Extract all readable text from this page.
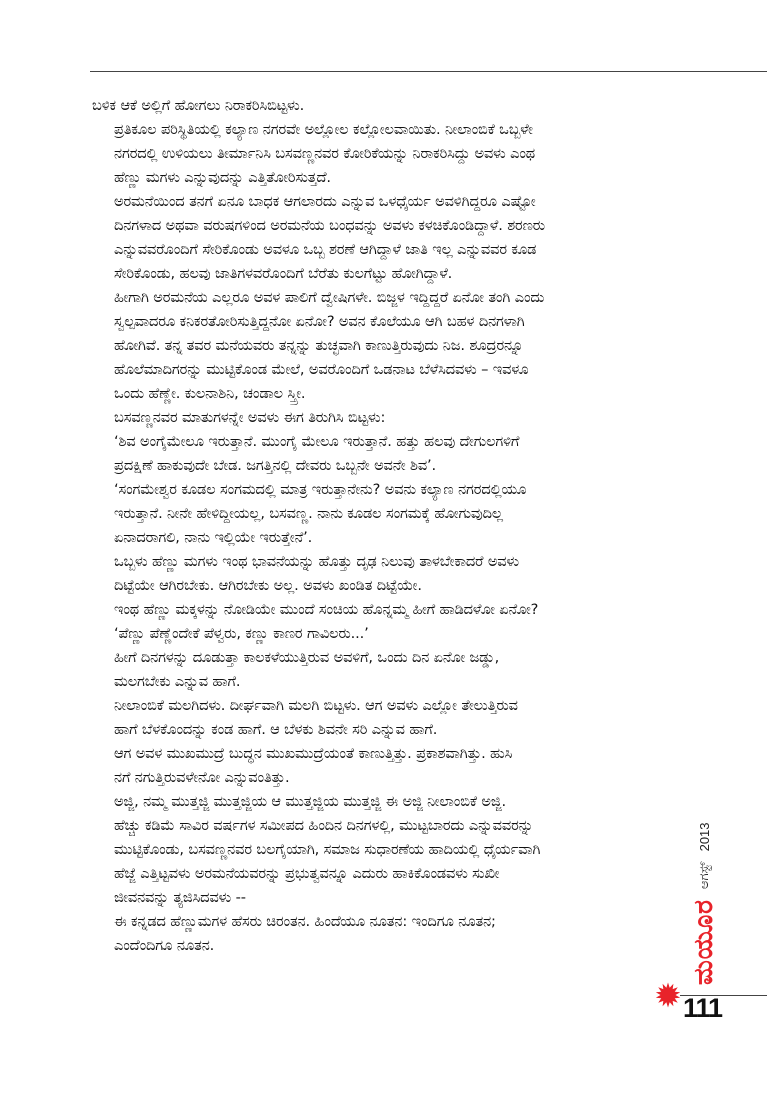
ಬಳಿಕ ಆಕೆ ಅಲ್ಲಿಗೆ ಹೋಗಲು ನಿರಾಕರಿಸಿಬಿಟ್ಟಳು.

ಪ್ರತಿಕೂಲ ಪರಿಸ್ಥಿತಿಯಲ್ಲಿ ಕಲ್ಯಾಣ ನಗರವೇ ಅಲ್ಲೋಲ ಕಲ್ಲೋಲವಾಯಿತು. ನೀಲಾಂಬಿಕೆ ಒಬ್ಬಳೇ
ನಗರದಲ್ಲಿ ಉಳಿಯಲು ತೀರ್ಮಾನಿಸಿ ಬಸವಣ್ಣನವರ ಕೋರಿಕೆಯನ್ನು ನಿರಾಕರಿಸಿದ್ದು ಅವಳು ಎಂಥ
ಹೆಣ್ಣು ಮಗಳು ಎನ್ನುವುದನ್ನು ಎತ್ತಿತೋರಿಸುತ್ತದೆ.

ಅರಮನೆಯಿಂದ ತನಗೆ ಏನೂ ಬಾಧಕ ಆಗಲಾರದು ಎನ್ನುವ ಒಳಧೈರ್ಯ ಅವಳಿಗಿದ್ದರೂ ಎಷ್ಟೋ
ದಿನಗಳಾದ ಅಥವಾ ವರುಷಗಳಿಂದ ಅರಮನೆಯ ಬಂಧವನ್ನು ಅವಳು ಕಳಚಿಕೊಂಡಿದ್ದಾಳೆ. ಶರಣರು
ಎನ್ನುವವರೊಂದಿಗೆ ಸೇರಿಕೊಂಡು ಅವಳೂ ಒಬ್ಬ ಶರಣೆ ಆಗಿದ್ದಾಳೆ ಜಾತಿ ಇಲ್ಲ ಎನ್ನುವವರ ಕೂಡ
ಸೇರಿಕೊಂಡು, ಹಲವು ಜಾತಿಗಳವರೊಂದಿಗೆ ಬೆರೆತು ಕುಲಗೆಟ್ಟು ಹೋಗಿದ್ದಾಳೆ.

ಹೀಗಾಗಿ ಅರಮನೆಯ ಎಲ್ಲರೂ ಅವಳ ಪಾಲಿಗೆ ದ್ವೇಷಿಗಳೇ. ಬಿಜ್ಜಳ ಇದ್ದಿದ್ದರೆ ಏನೋ ತಂಗಿ ಎಂದು
ಸ್ವಲ್ಪವಾದರೂ ಕನಿಕರತೋರಿಸುತ್ತಿದ್ದನೋ ಏನೋ? ಅವನ ಕೊಲೆಯೂ ಆಗಿ ಬಹಳ ದಿನಗಳಾಗಿ
ಹೋಗಿವೆ. ತನ್ನ ತವರ ಮನೆಯವರು ತನ್ನನ್ನು ತುಚ್ಛವಾಗಿ ಕಾಣುತ್ತಿರುವುದು ನಿಜ. ಶೂದ್ರರನ್ನೂ
ಹೊಲೆಮಾದಿಗರನ್ನು ಮುಟ್ಟಿಕೊಂಡ ಮೇಲೆ, ಅವರೊಂದಿಗೆ ಒಡನಾಟ ಬೆಳೆಸಿದವಳು – ಇವಳೂ
ಒಂದು ಹೆಣ್ಣೇ. ಕುಲನಾಶಿನಿ, ಚಂಡಾಲ ಸ್ತ್ರೀ.

ಬಸವಣ್ಣನವರ ಮಾತುಗಳನ್ನೇ ಅವಳು ಈಗ ತಿರುಗಿಸಿ ಬಿಟ್ಟಳು:

‘ಶಿವ ಅಂಗೈಮೇಲೂ ಇರುತ್ತಾನೆ. ಮುಂಗೈ ಮೇಲೂ ಇರುತ್ತಾನೆ. ಹತ್ತು ಹಲವು ದೇಗುಲಗಳಿಗೆ
ಪ್ರದಕ್ಷಿಣೆ ಹಾಕುವುದೇ ಬೇಡ. ಜಗತ್ತಿನಲ್ಲಿ ದೇವರು ಒಬ್ಬನೇ ಅವನೇ ಶಿವ’.

‘ಸಂಗಮೇಶ್ವರ ಕೂಡಲ ಸಂಗಮದಲ್ಲಿ ಮಾತ್ರ ಇರುತ್ತಾನೇನು? ಅವನು ಕಲ್ಯಾಣ ನಗರದಲ್ಲಿಯೂ
ಇರುತ್ತಾನೆ. ನೀನೇ ಹೇಳಿದ್ದೀಯಲ್ಲ, ಬಸವಣ್ಣ. ನಾನು ಕೂಡಲ ಸಂಗಮಕ್ಕೆ ಹೋಗುವುದಿಲ್ಲ
ಏನಾದರಾಗಲಿ, ನಾನು ಇಲ್ಲಿಯೇ ಇರುತ್ತೇನೆ’.

ಒಬ್ಬಳು ಹೆಣ್ಣು ಮಗಳು ಇಂಥ ಭಾವನೆಯನ್ನು ಹೊತ್ತು ದೃಢ ನಿಲುವು ತಾಳಬೇಕಾದರೆ ಅವಳು
ದಿಟ್ಟೆಯೇ ಆಗಿರಬೇಕು. ಆಗಿರಬೇಕು ಅಲ್ಲ. ಅವಳು ಖಂಡಿತ ದಿಟ್ಟೆಯೇ.

ಇಂಥ ಹೆಣ್ಣು ಮಕ್ಕಳನ್ನು ನೋಡಿಯೇ ಮುಂದೆ ಸಂಚಿಯ ಹೊನ್ನಮ್ಮ ಹೀಗೆ ಹಾಡಿದಳೋ ಏನೋ?

‘ಪೆಣ್ಣು ಪೆಣ್ಣೆಂದೇಕೆ ಪೆಳ್ವರು, ಕಣ್ಣು ಕಾಣರ ಗಾವಿಲರು...’

ಹೀಗೆ ದಿನಗಳನ್ನು ದೂಡುತ್ತಾ ಕಾಲಕಳೆಯುತ್ತಿರುವ ಅವಳಿಗೆ, ಒಂದು ದಿನ ಏನೋ ಜಡ್ಡು,
ಮಲಗಬೇಕು ಎನ್ನುವ ಹಾಗೆ.

ನೀಲಾಂಬಿಕೆ ಮಲಗಿದಳು. ದೀರ್ಘವಾಗಿ ಮಲಗಿ ಬಿಟ್ಟಳು. ಆಗ ಅವಳು ಎಲ್ಲೋ ತೇಲುತ್ತಿರುವ
ಹಾಗೆ ಬೆಳಕೊಂದನ್ನು ಕಂಡ ಹಾಗೆ. ಆ ಬೆಳಕು ಶಿವನೇ ಸರಿ ಎನ್ನುವ ಹಾಗೆ.

ಆಗ ಅವಳ ಮುಖಮುದ್ರೆ ಬುದ್ಧನ ಮುಖಮುದ್ರೆಯಂತೆ ಕಾಣುತ್ತಿತ್ತು. ಪ್ರಕಾಶವಾಗಿತ್ತು. ಹುಸಿ
ನಗೆ ನಗುತ್ತಿರುವಳೇನೋ ಎನ್ನುವಂತಿತ್ತು.

ಅಜ್ಜಿ, ನಮ್ಮ ಮುತ್ತಜ್ಜಿ ಮುತ್ತಜ್ಜಿಯ ಆ ಮುತ್ತಜ್ಜಿಯ ಮುತ್ತಜ್ಜಿ ಈ ಅಜ್ಜಿ ನೀಲಾಂಬಿಕೆ ಅಜ್ಜಿ.

ಹೆಚ್ಚು ಕಡಿಮೆ ಸಾವಿರ ವರ್ಷಗಳ ಸಮೀಪದ ಹಿಂದಿನ ದಿನಗಳಲ್ಲಿ, ಮುಟ್ಟಬಾರದು ಎನ್ನುವವರನ್ನು
ಮುಟ್ಟಿಕೊಂಡು, ಬಸವಣ್ಣನವರ ಬಲಗೈಯಾಗಿ, ಸಮಾಜ ಸುಧಾರಣೆಯ ಹಾದಿಯಲ್ಲಿ ಧೈರ್ಯವಾಗಿ
ಹೆಜ್ಜೆ ಎತ್ತಿಟ್ಟವಳು ಅರಮನೆಯವರನ್ನು ಪ್ರಭುತ್ವವನ್ನೂ ಎದುರು ಹಾಕಿಕೊಂಡವಳು ಸುಖೀ
ಜೀವನವನ್ನು ತ್ಯಜಿಸಿದವಳು --

ಈ ಕನ್ನಡದ ಹೆಣ್ಣುಮಗಳ ಹೆಸರು ಚಿರಂತನ. ಹಿಂದೆಯೂ ನೂತನ: ಇಂದಿಗೂ ನೂತನ;
ಎಂದೆಂದಿಗೂ ನೂತನ.	ಮಯೂರ
ಆಗಸ್ಟ್
2013
111
